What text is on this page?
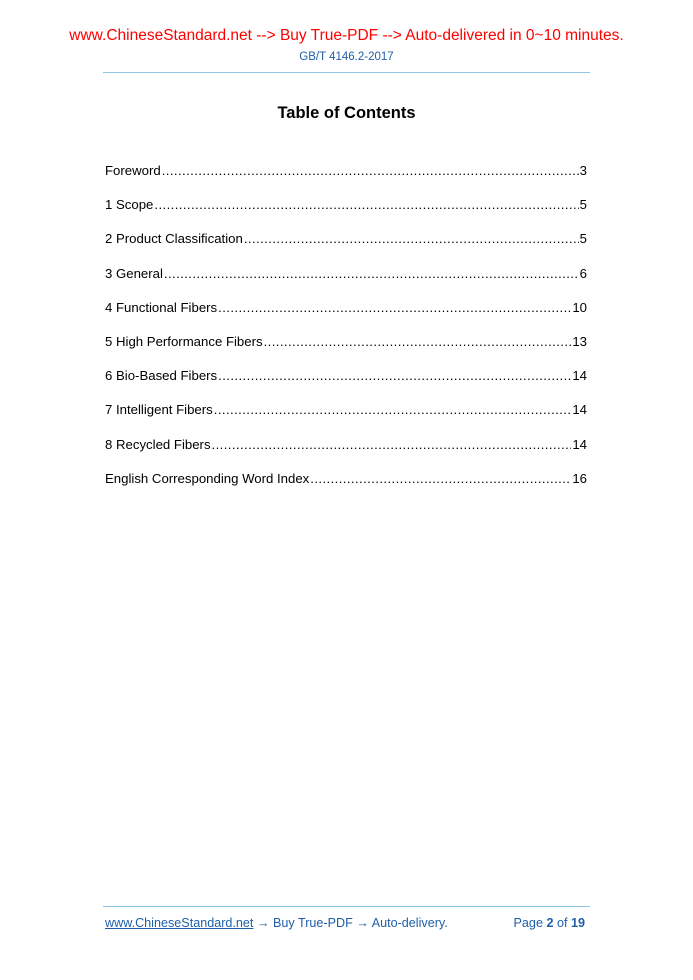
www.ChineseStandard.net --> Buy True-PDF --> Auto-delivered in 0~10 minutes.
GB/T 4146.2-2017
Table of Contents
Foreword .....	3
1 Scope .....	5
2 Product Classification .....	5
3 General .....	6
4 Functional Fibers .....	10
5 High Performance Fibers .....	13
6 Bio-Based Fibers .....	14
7 Intelligent Fibers .....	14
8 Recycled Fibers .....	14
English Corresponding Word Index .....	16
www.ChineseStandard.net → Buy True-PDF → Auto-delivery.	Page 2 of 19
